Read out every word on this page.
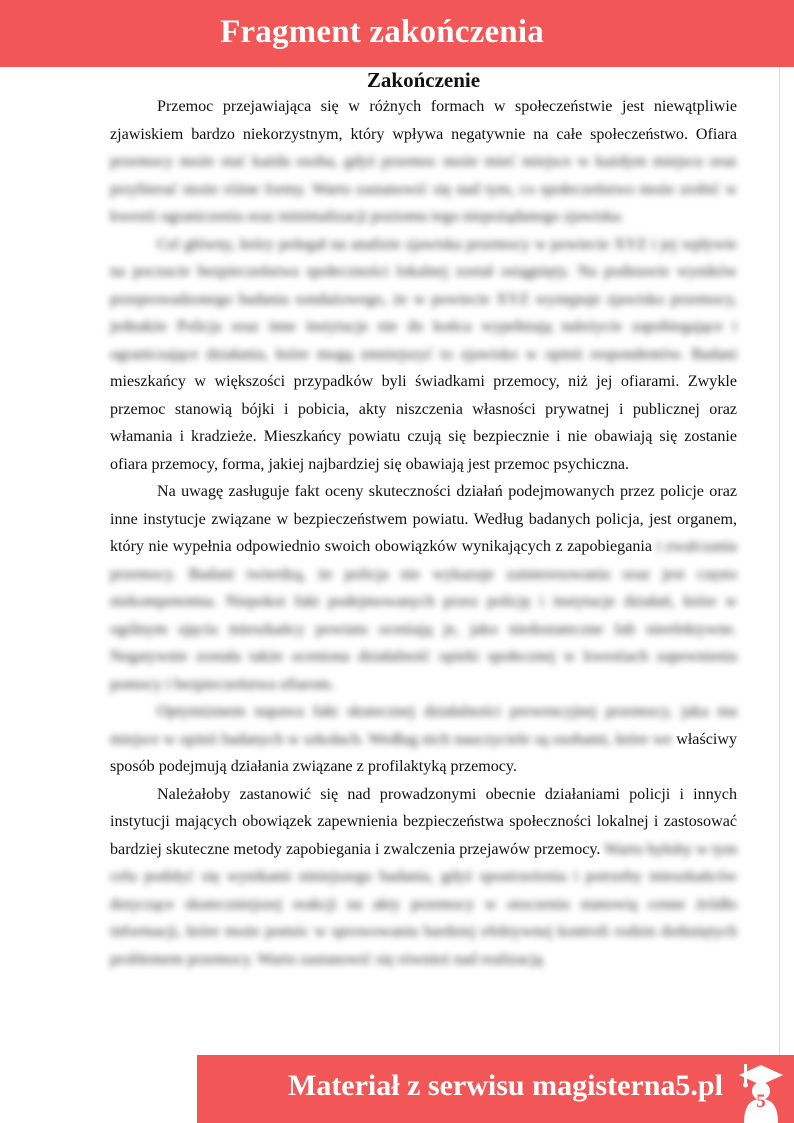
Fragment zakończenia
Zakończenie

Przemoc przejawiająca się w różnych formach w społeczeństwie jest niewątpliwie zjawiskiem bardzo niekorzystnym, który wpływa negatywnie na całe społeczeństwo. Ofiara przemocy może stać każda osoba, gdyż przemoc może mieć miejsce w każdym miejscu oraz przybierać może różne formy. Warto zastanowić się nad tym, co społeczeństwo może zrobić w kwestii ograniczenia oraz minimalizacji poziomu tego niepożądanego zjawiska.

Cel główny, który polegał na analizie zjawiska przemocy w powiecie XYZ i jej wpływie na poczucie bezpieczeństwa społeczności lokalnej został osiągnięty. Na podstawie wyników przeprowadzonego badania sondażowego, że w powiecie XYZ występuje zjawisko przemocy, jednakże Policja oraz inne instytucje nie do końca wypełniają należycie zapobiegające i ograniczające działania, które mogą zmniejszyć to zjawisko w opinii respondentów. Badani mieszkańcy w większości przypadków byli świadkami przemocy, niż jej ofiarami. Zwykle przemoc stanowią bójki i pobicia, akty niszczenia własności prywatnej i publicznej oraz włamania i kradzieże. Mieszkańcy powiatu czują się bezpiecznie i nie obawiają się zostanie ofiara przemocy, forma, jakiej najbardziej się obawiają jest przemoc psychiczna.

Na uwagę zasługuje fakt oceny skuteczności działań podejmowanych przez policje oraz inne instytucje związane w bezpieczeństwem powiatu. Według badanych policja, jest organem, który nie wypełnia odpowiednio swoich obowiązków wynikających z zapobiegania i zwalczania przemocy. Badani twierdzą, że policja nie wykazuje zainteresowania oraz jest często niekompetentna. Niepokoi fakt podejmowanych przez policję i instytucje działań, które w ogólnym ujęciu mieszkańcy powiatu oceniają je, jako niedostateczne lub nieefektywne. Negatywnie została także oceniona działalność opieki społecznej w kwestiach zapewnienia pomocy i bezpieczeństwa ofiarom.

Optymizmem napawa fakt skutecznej działalności prewencyjnej przemocy, jaka ma miejsce w opinii badanych w szkołach. Według nich nauczyciele są osobami, które we właściwy sposób podejmują działania związane z profilaktyką przemocy.

Należałoby zastanowić się nad prowadzonymi obecnie działaniami policji i innych instytucji mających obowiązek zapewnienia bezpieczeństwa społeczności lokalnej i zastosować bardziej skuteczne metody zapobiegania i zwalczenia przejawów przemocy. Warto byłoby w tym celu podsłyć się wynikami niniejszego badania, gdyż spostrzeżenia i potrzeby mieszkańców dotyczące skuteczniejszej reakcji na akty przemocy w otoczeniu stanowią cenne źródło informacji, które może pomóc w sprowowaniu bardziej efektywnej kontroli rodzin dotkniętych problemem przemocy. Warto zastanowić się również nad realizacją

Materiał z serwisu magisterna5.pl	5
